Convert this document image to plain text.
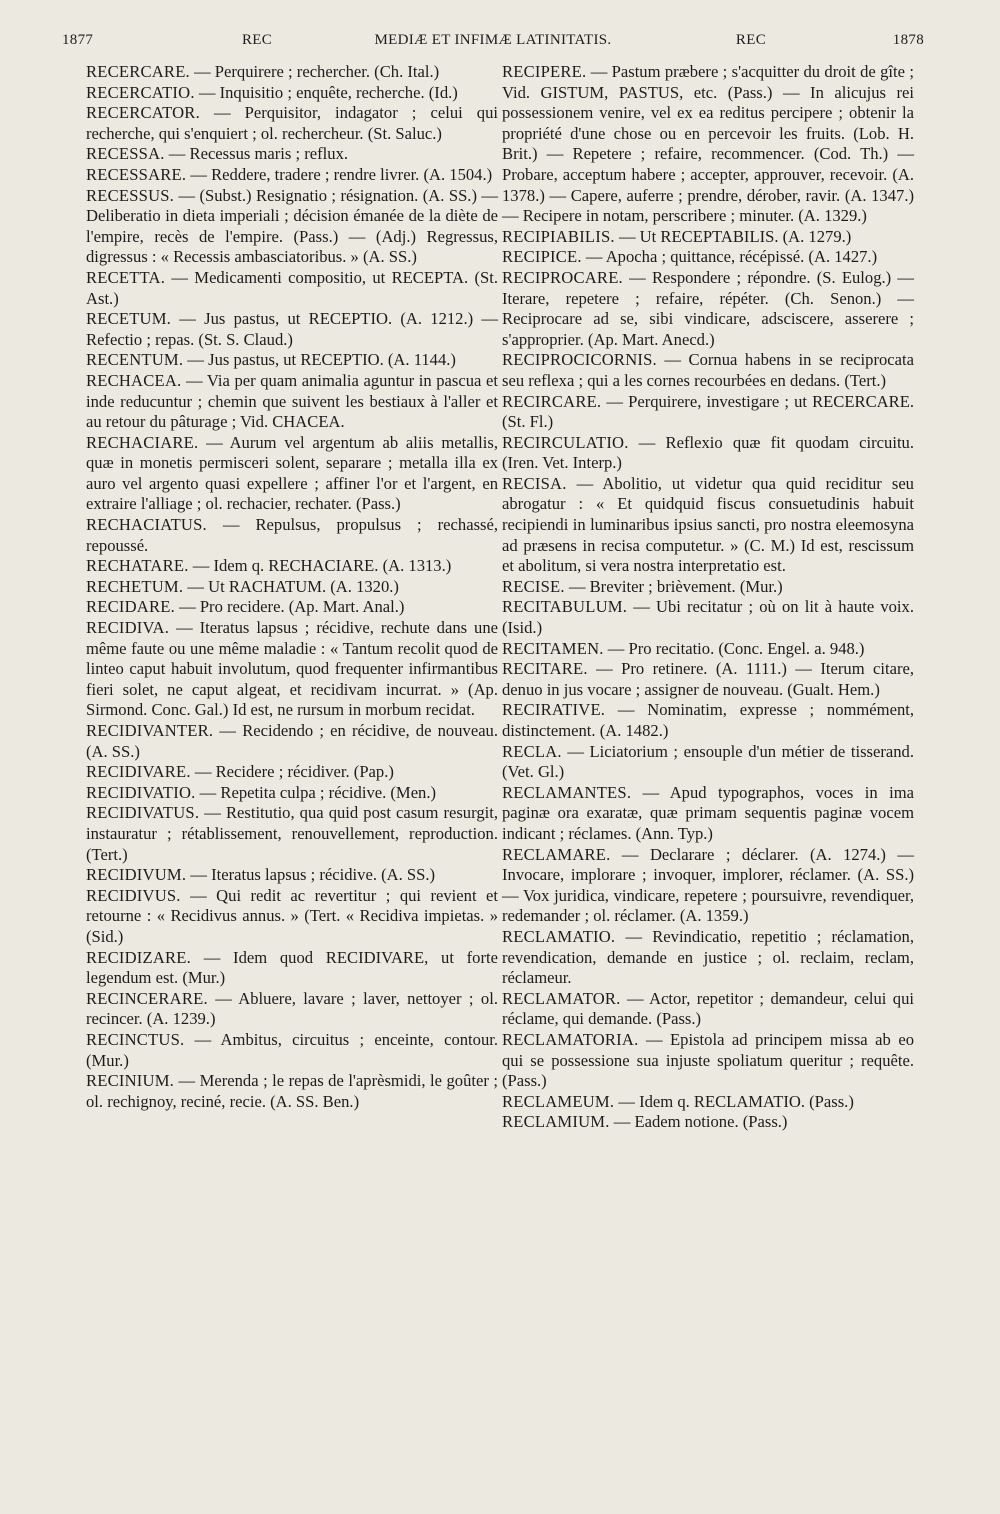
1877	REC	MEDIÆ ET INFIMÆ LATINITATIS.	REC	1878

RECERCARE. — Perquirere ; rechercher. (Ch. Ital.)

RECERCATIO. — Inquisitio ; enquête, recherche. (Id.)

RECERCATOR. — Perquisitor, indagator ; celui qui recherche, qui s'enquiert ; ol. rechercheur. (St. Saluc.)

RECESSA. — Recessus maris ; reflux.

RECESSARE. — Reddere, tradere ; rendre livrer. (A. 1504.)

RECESSUS. — (Subst.) Resignatio ; résignation. (A. SS.) — Deliberatio in dieta imperiali ; décision émanée de la diète de l'empire, recès de l'empire. (Pass.) — (Adj.) Regressus, digressus : « Recessis ambasciatoribus. » (A. SS.)

RECETTA. — Medicamenti compositio, ut RECEPTA. (St. Ast.)

RECETUM. — Jus pastus, ut RECEPTIO. (A. 1212.) — Refectio ; repas. (St. S. Claud.)

RECENTUM. — Jus pastus, ut RECEPTIO. (A. 1144.)

RECHACEA. — Via per quam animalia aguntur in pascua et inde reducuntur ; chemin que suivent les bestiaux à l'aller et au retour du pâturage ; Vid. CHACEA.

RECHACIARE. — Aurum vel argentum ab aliis metallis, quæ in monetis permisceri solent, separare ; metalla illa ex auro vel argento quasi expellere ; affiner l'or et l'argent, en extraire l'alliage ; ol. rechacier, rechater. (Pass.)

RECHACIATUS. — Repulsus, propulsus ; rechassé, repoussé.

RECHATARE. — Idem q. RECHACIARE. (A. 1313.)

RECHETUM. — Ut RACHATUM. (A. 1320.)

RECIDARE. — Pro recidere. (Ap. Mart. Anal.)

RECIDIVA. — Iteratus lapsus ; récidive, rechute dans une même faute ou une même maladie : « Tantum recolit quod de linteo caput habuit involutum, quod frequenter infirmantibus fieri solet, ne caput algeat, et recidivam incurrat. » (Ap. Sirmond. Conc. Gal.) Id est, ne rursum in morbum recidat.

RECIDIVANTER. — Recidendo ; en récidive, de nouveau. (A. SS.)

RECIDIVARE. — Recidere ; récidiver. (Pap.)

RECIDIVATIO. — Repetita culpa ; récidive. (Men.)

RECIDIVATUS. — Restitutio, qua quid post casum resurgit, instauratur ; rétablissement, renouvellement, reproduction. (Tert.)

RECIDIVUM. — Iteratus lapsus ; récidive. (A. SS.)

RECIDIVUS. — Qui redit ac revertitur ; qui revient et retourne : « Recidivus annus. » (Tert. « Recidiva impietas. » (Sid.)

RECIDIZARE. — Idem quod RECIDIVARE, ut forte legendum est. (Mur.)

RECINCERARE. — Abluere, lavare ; laver, nettoyer ; ol. recincer. (A. 1239.)

RECINCTUS. — Ambitus, circuitus ; enceinte, contour. (Mur.)

RECINIUM. — Merenda ; le repas de l'aprèsmidi, le goûter ; ol. rechignoy, reciné, recie. (A. SS. Ben.)

RECIPERE. — Pastum præbere ; s'acquitter du droit de gîte ; Vid. GISTUM, PASTUS, etc. (Pass.) — In alicujus rei possessionem venire, vel ex ea reditus percipere ; obtenir la propriété d'une chose ou en percevoir les fruits. (Lob. H. Brit.) — Repetere ; refaire, recommencer. (Cod. Th.) — Probare, acceptum habere ; accepter, approuver, recevoir. (A. 1378.) — Capere, auferre ; prendre, dérober, ravir. (A. 1347.) — Recipere in notam, perscribere ; minuter. (A. 1329.)

RECIPIABILIS. — Ut RECEPTABILIS. (A. 1279.)

RECIPICE. — Apocha ; quittance, récépissé. (A. 1427.)

RECIPROCARE. — Respondere ; répondre. (S. Eulog.) — Iterare, repetere ; refaire, répéter. (Ch. Senon.) — Reciprocare ad se, sibi vindicare, adsciscere, asserere ; s'approprier. (Ap. Mart. Anecd.)

RECIPROCICORNIS. — Cornua habens in se reciprocata seu reflexa ; qui a les cornes recourbées en dedans. (Tert.)

RECIRCARE. — Perquirere, investigare ; ut RECERCARE. (St. Fl.)

RECIRCULATIO. — Reflexio quæ fit quodam circuitu. (Iren. Vet. Interp.)

RECISA. — Abolitio, ut videtur qua quid reciditur seu abrogatur : « Et quidquid fiscus consuetudinis habuit recipiendi in luminaribus ipsius sancti, pro nostra eleemosyna ad præsens in recisa computetur. » (C. M.) Id est, rescissum et abolitum, si vera nostra interpretatio est.

RECISE. — Breviter ; brièvement. (Mur.)

RECITABULUM. — Ubi recitatur ; où on lit à haute voix. (Isid.)

RECITAMEN. — Pro recitatio. (Conc. Engel. a. 948.)

RECITARE. — Pro retinere. (A. 1111.) — Iterum citare, denuo in jus vocare ; assigner de nouveau. (Gualt. Hem.)

RECIRATIVE. — Nominatim, expresse ; nommément, distinctement. (A. 1482.)

RECLA. — Liciatorium ; ensouple d'un métier de tisserand. (Vet. Gl.)

RECLAMANTES. — Apud typographos, voces in ima paginæ ora exaratæ, quæ primam sequentis paginæ vocem indicant ; réclames. (Ann. Typ.)

RECLAMARE. — Declarare ; déclarer. (A. 1274.) — Invocare, implorare ; invoquer, implorer, réclamer. (A. SS.) — Vox juridica, vindicare, repetere ; poursuivre, revendiquer, redemander ; ol. réclamer. (A. 1359.)

RECLAMATIO. — Revindicatio, repetitio ; réclamation, revendication, demande en justice ; ol. reclaim, reclam, réclameur.

RECLAMATOR. — Actor, repetitor ; demandeur, celui qui réclame, qui demande. (Pass.)

RECLAMATORIA. — Epistola ad principem missa ab eo qui se possessione sua injuste spoliatum queritur ; requête. (Pass.)

RECLAMEUM. — Idem q. RECLAMATIO. (Pass.)

RECLAMIUM. — Eadem notione. (Pass.)
